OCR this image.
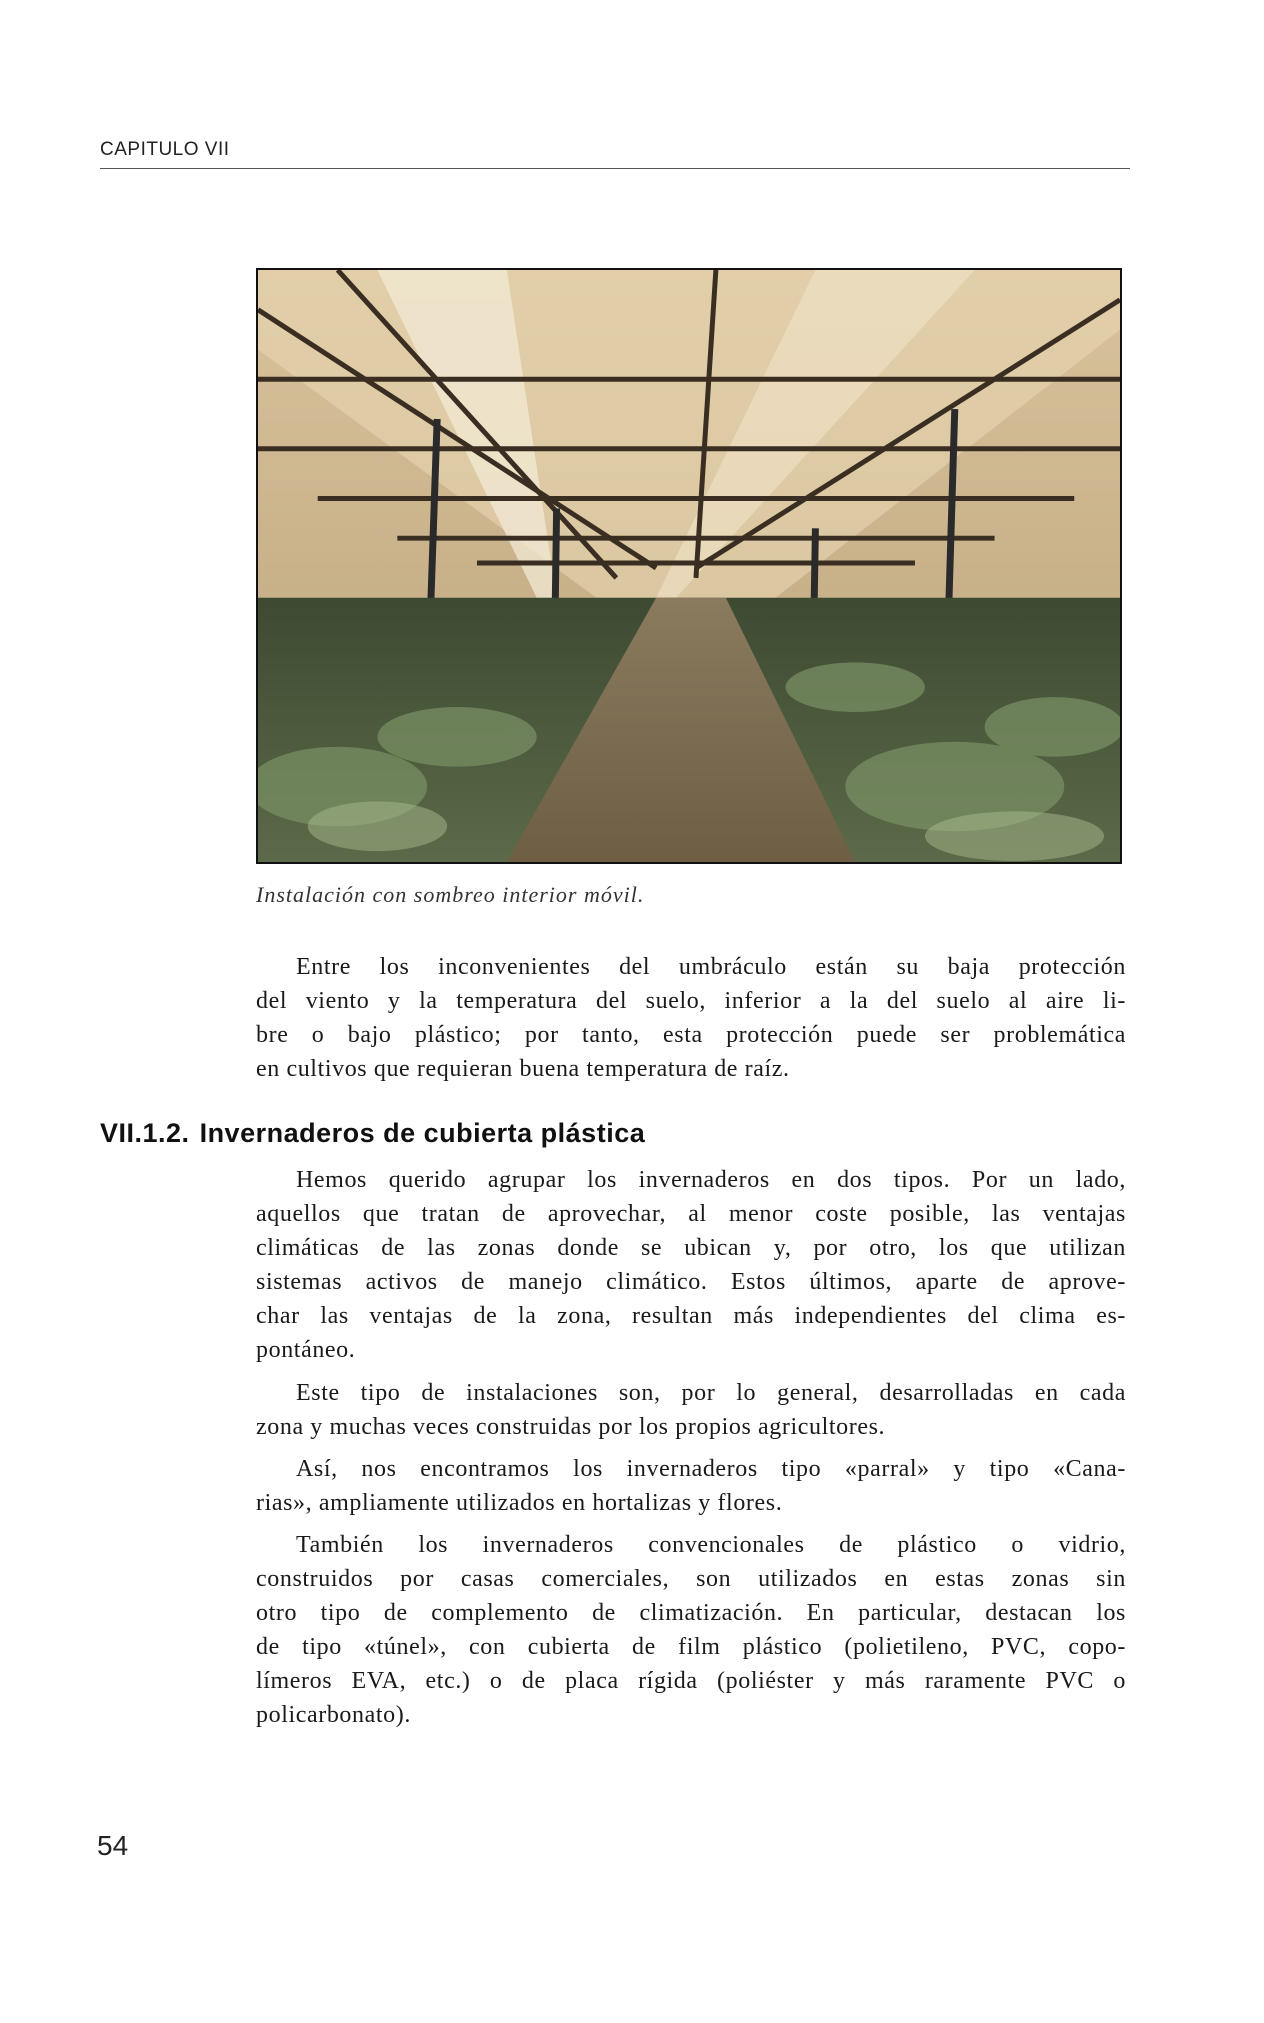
CAPITULO VII
Instalación con sombreo interior móvil.
Entre los inconvenientes del umbráculo están su baja protección
del viento y la temperatura del suelo, inferior a la del suelo al aire li-
bre o bajo plástico; por tanto, esta protección puede ser problemática
en cultivos que requieran buena temperatura de raíz.
VII.1.2. Invernaderos de cubierta plástica
Hemos querido agrupar los invernaderos en dos tipos. Por un lado,
aquellos que tratan de aprovechar, al menor coste posible, las ventajas
climáticas de las zonas donde se ubican y, por otro, los que utilizan
sistemas activos de manejo climático. Estos últimos, aparte de aprove-
char las ventajas de la zona, resultan más independientes del clima es-
pontáneo.
Este tipo de instalaciones son, por lo general, desarrolladas en cada
zona y muchas veces construidas por los propios agricultores.
Así, nos encontramos los invernaderos tipo «parral» y tipo «Cana-
rias», ampliamente utilizados en hortalizas y flores.
También los invernaderos convencionales de plástico o vidrio,
construidos por casas comerciales, son utilizados en estas zonas sin
otro tipo de complemento de climatización. En particular, destacan los
de tipo «túnel», con cubierta de film plástico (polietileno, PVC, copo-
límeros EVA, etc.) o de placa rígida (poliéster y más raramente PVC o
policarbonato).
54
